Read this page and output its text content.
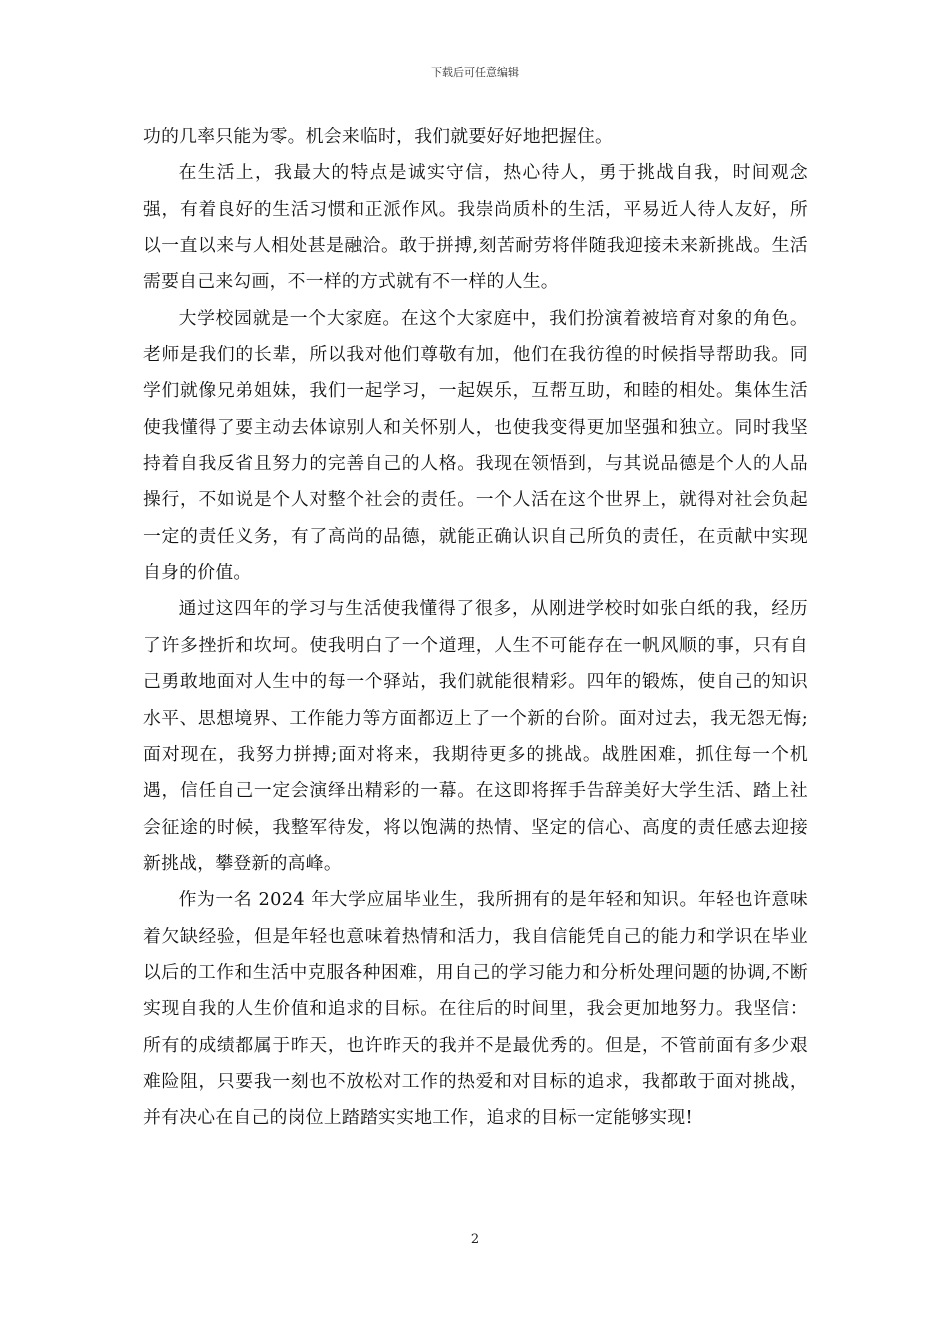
下载后可任意编辑

功的几率只能为零。机会来临时，我们就要好好地把握住。

在生活上，我最大的特点是诚实守信，热心待人，勇于挑战自我，时间观念强，有着良好的生活习惯和正派作风。我崇尚质朴的生活，平易近人待人友好，所以一直以来与人相处甚是融洽。敢于拼搏,刻苦耐劳将伴随我迎接未来新挑战。生活需要自己来勾画，不一样的方式就有不一样的人生。

大学校园就是一个大家庭。在这个大家庭中，我们扮演着被培育对象的角色。老师是我们的长辈，所以我对他们尊敬有加，他们在我彷徨的时候指导帮助我。同学们就像兄弟姐妹，我们一起学习，一起娱乐，互帮互助，和睦的相处。集体生活使我懂得了要主动去体谅别人和关怀别人，也使我变得更加坚强和独立。同时我坚持着自我反省且努力的完善自己的人格。我现在领悟到，与其说品德是个人的人品操行，不如说是个人对整个社会的责任。一个人活在这个世界上，就得对社会负起一定的责任义务，有了高尚的品德，就能正确认识自己所负的责任，在贡献中实现自身的价值。

通过这四年的学习与生活使我懂得了很多，从刚进学校时如张白纸的我，经历了许多挫折和坎坷。使我明白了一个道理，人生不可能存在一帆风顺的事，只有自己勇敢地面对人生中的每一个驿站，我们就能很精彩。四年的锻炼，使自己的知识水平、思想境界、工作能力等方面都迈上了一个新的台阶。面对过去，我无怨无悔;面对现在，我努力拼搏;面对将来，我期待更多的挑战。战胜困难，抓住每一个机遇，信任自己一定会演绎出精彩的一幕。在这即将挥手告辞美好大学生活、踏上社会征途的时候，我整军待发，将以饱满的热情、坚定的信心、高度的责任感去迎接新挑战，攀登新的高峰。

作为一名 2024 年大学应届毕业生，我所拥有的是年轻和知识。年轻也许意味着欠缺经验，但是年轻也意味着热情和活力，我自信能凭自己的能力和学识在毕业以后的工作和生活中克服各种困难，用自己的学习能力和分析处理问题的协调,不断实现自我的人生价值和追求的目标。在往后的时间里，我会更加地努力。我坚信：所有的成绩都属于昨天，也许昨天的我并不是最优秀的。但是，不管前面有多少艰难险阻，只要我一刻也不放松对工作的热爱和对目标的追求，我都敢于面对挑战，并有决心在自己的岗位上踏踏实实地工作，追求的目标一定能够实现!

2
